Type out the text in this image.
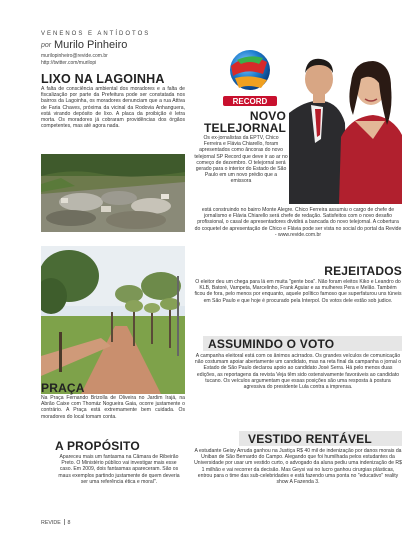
VENENOS E ANTÍDOTOS
por Murilo Pinheiro
murilopinheiro@revide.com.br
http://twitter.com/murilopi
LIXO NA LAGOINHA
A falta de consciência ambiental dos moradores e a falta de fiscalização por parte da Prefeitura pode ser constatada nos bairros da Lagoinha, os moradores denunciam que a rua Attiva de Faria Chaves, próxima da vicinal da Rodovia Anhanguera, está virando depósito de lixo. A placa da proibição é letra morta. Os moradores já cobraram providências dos órgãos competentes, mas até agora nada.
PRAÇA
Na Praça Fernando Brizolla de Oliveira no Jardim Irajá, na Abrão Caixe com Thomáz Nogueira Gaia, ocorre justamente o contrário. A Praça está extremamente bem cuidada. Os moradores do local tomam conta.
A PROPÓSITO
Apareceu mais um fantasma na Câmara de Ribeirão Preto. O Ministério público vai investigar mais esse caso. Em 2009, dois fantasmas apareceram. São os maus exemplos partindo justamente de quem deveria ser uma referência ética e moral".
RECORD
NOVO
TELEJORNAL
Os ex-jornalistas da EPTV, Chico Ferreira e Flávia Chiarello, foram apresentados como âncoras do novo telejornal SP Record que deve ir ao ar no começo de dezembro. O telejornal será gerado para o interior do Estado de São Paulo em um novo prédio que a emissora
está construindo no bairro Monte Alegre. Chico Ferreira assumiu o cargo de chefe de jornalismo e Flávia Chiarello será chefe de redação. Satisfeitos com o novo desafio profissional, o casal de apresentadores dividirá a bancada do novo telejornal. A cobertura do coquetel de apresentação de Chico e Flávia pode ser vista no social do portal da Revide - www.revide.com.br
REJEITADOS
O eleitor deu um chega para lá em muita "gente boa". Não foram eleitos Kiko e Leandro do KLB, Batoré, Vampeta, Marcelinho, Frank Aguiar e as mulheres Pera e Melão. Também ficou de fora, pelo menos por enquanto, aquele político famoso que superfaturou uns túneis em São Paulo e que hoje é procurado pela Interpol. Os votos dele estão sob judice.
ASSUMINDO O VOTO
A campanha eleitoral está com os ânimos acirrados. Os grandes veículos de comunicação não costumam apoiar abertamente um candidato, mas na reta final da campanha o jornal o Estado de São Paulo declarou apoio ao candidato José Serra. Há pelo menos duas edições, as reportagens da revista Veja têm sido ostensivamente favoráveis ao candidato tucano. Os veículos argumentam que essas posições são uma resposta à postura agressiva do presidente Lula contra a imprensa.
VESTIDO RENTÁVEL
A estudante Geisy Arruda ganhou na Justiça R$ 40 mil de indenização por danos morais da Uniban de São Bernardo do Campo. Alegando que foi humilhada pelos estudantes da Universidade por usar um vestido curto, o advogado da aluna pediu uma indenização de R$ 1 milhão e vai recorrer da decisão. Mas Geysi vai no lucro ganhou cirurgias plásticas, entrou para o time das sub-celebridades e está fazendo uma ponta no "educativo" reality show A Fazenda 3.
REVIDE 8
